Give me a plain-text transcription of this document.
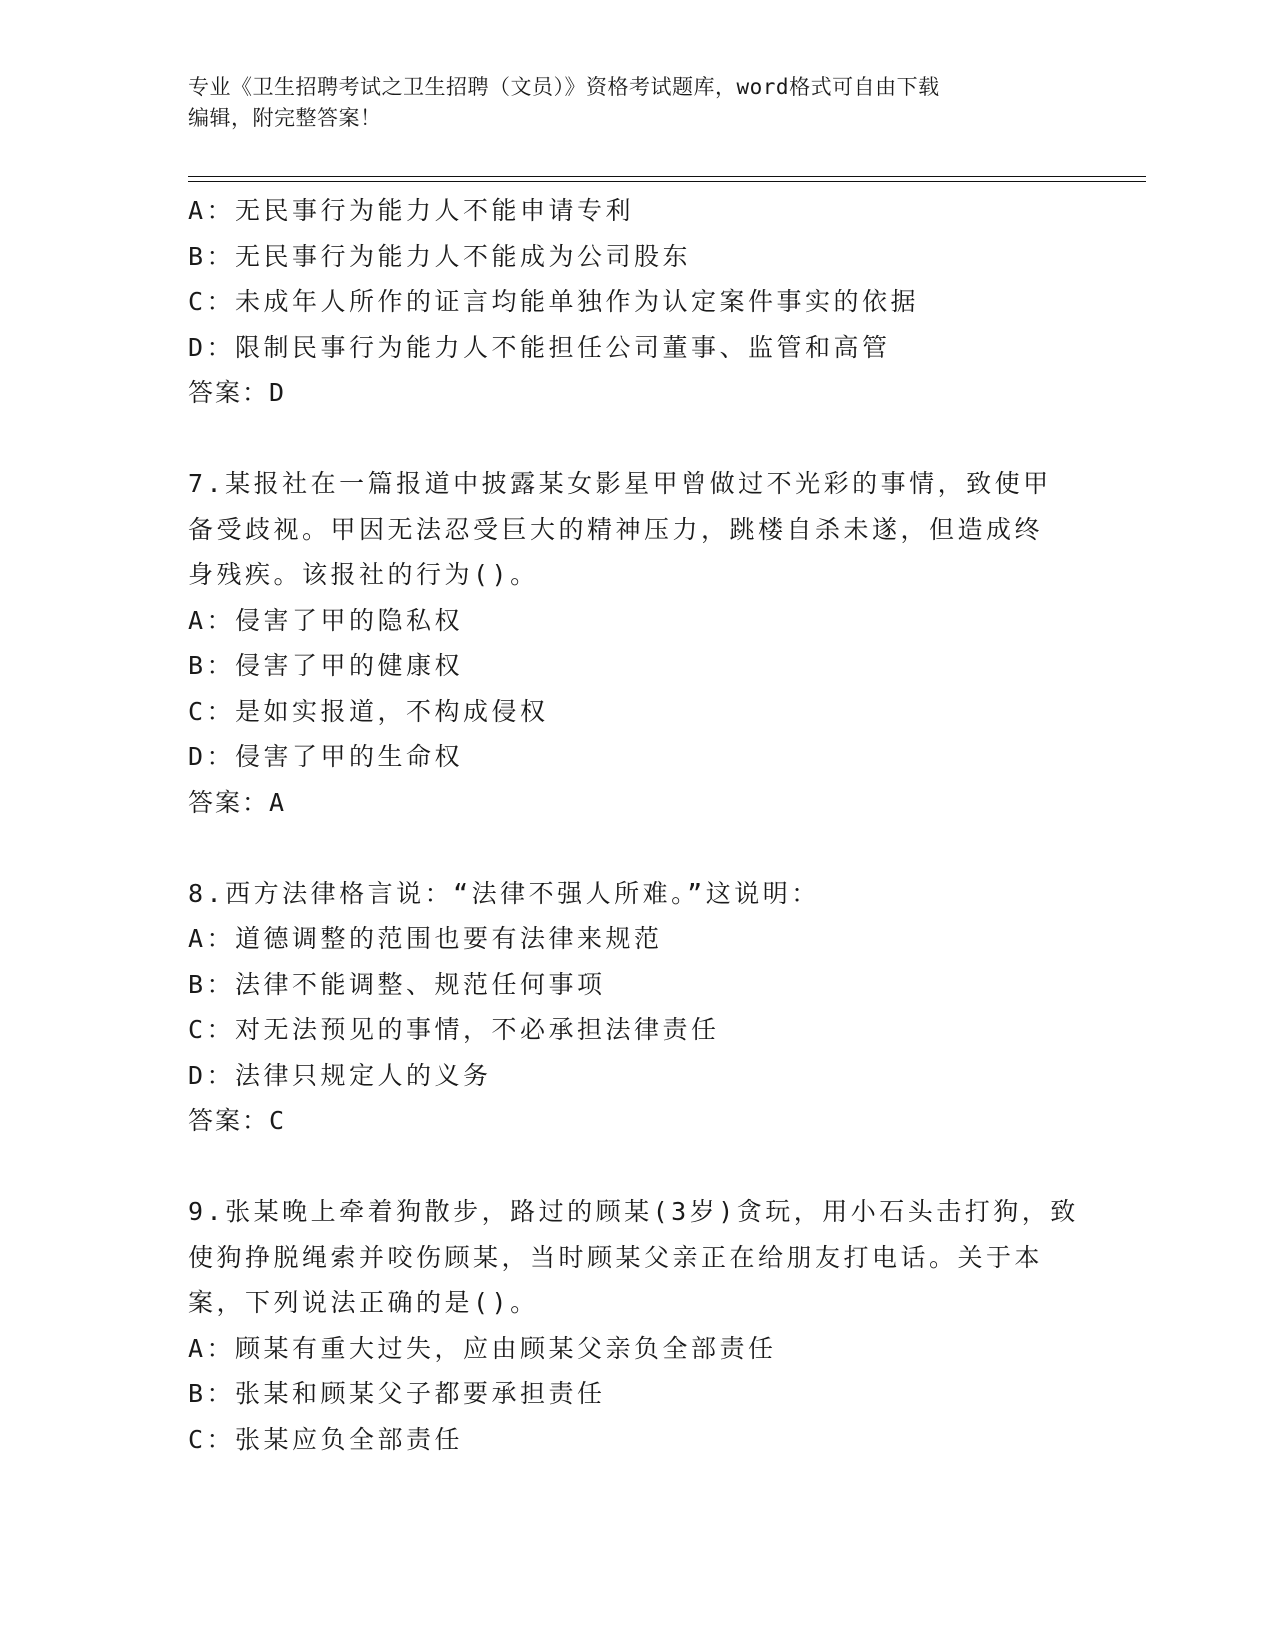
专业《卫生招聘考试之卫生招聘（文员）》资格考试题库，word格式可自由下载
编辑，附完整答案！
A：无民事行为能力人不能申请专利
B：无民事行为能力人不能成为公司股东
C：未成年人所作的证言均能单独作为认定案件事实的依据
D：限制民事行为能力人不能担任公司董事、监管和高管
答案：D
7.某报社在一篇报道中披露某女影星甲曾做过不光彩的事情，致使甲
备受歧视。甲因无法忍受巨大的精神压力，跳楼自杀未遂，但造成终
身残疾。该报社的行为()。
A：侵害了甲的隐私权
B：侵害了甲的健康权
C：是如实报道，不构成侵权
D：侵害了甲的生命权
答案：A
8.西方法律格言说：“法律不强人所难。”这说明：
A：道德调整的范围也要有法律来规范
B：法律不能调整、规范任何事项
C：对无法预见的事情，不必承担法律责任
D：法律只规定人的义务
答案：C
9.张某晚上牵着狗散步，路过的顾某(3岁)贪玩，用小石头击打狗，致
使狗挣脱绳索并咬伤顾某，当时顾某父亲正在给朋友打电话。关于本
案，下列说法正确的是()。
A：顾某有重大过失，应由顾某父亲负全部责任
B：张某和顾某父子都要承担责任
C：张某应负全部责任
